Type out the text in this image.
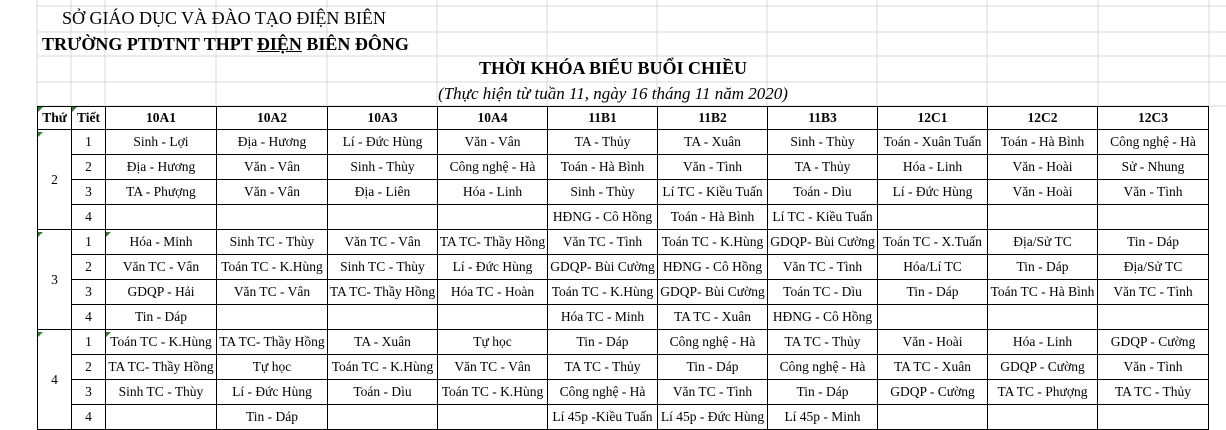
SỞ GIÁO DỤC VÀ ĐÀO TẠO ĐIỆN BIÊN
TRƯỜNG PTDTNT THPT ĐIỆN BIÊN ĐÔNG
THỜI KHÓA BIỂU BUỔI CHIỀU
(Thực hiện từ tuần 11, ngày 16 tháng 11 năm 2020)
Thứ	Tiết	10A1	10A2	10A3	10A4	11B1	11B2	11B3	12C1	12C2	12C3
2	1	Sinh - Lợi	Địa - Hương	Lí - Đức Hùng	Văn - Vân	TA - Thủy	TA - Xuân	Sinh - Thùy	Toán - Xuân Tuấn	Toán - Hà Bình	Công nghệ - Hà
	2	Địa - Hương	Văn - Vân	Sinh - Thùy	Công nghệ - Hà	Toán - Hà Bình	Văn - Tình	TA - Thủy	Hóa - Linh	Văn - Hoài	Sử - Nhung
	3	TA - Phượng	Văn - Vân	Địa - Liên	Hóa - Linh	Sinh - Thùy	Lí TC - Kiều Tuấn	Toán - Dìu	Lí - Đức Hùng	Văn - Hoài	Văn - Tình
	4					HĐNG - Cô Hồng	Toán - Hà Bình	Lí TC - Kiều Tuấn			
3	1	Hóa - Minh	Sinh TC - Thùy	Văn TC - Vân	TA TC- Thầy Hồng	Văn TC - Tình	Toán TC - K.Hùng	GDQP- Bùi Cường	Toán TC - X.Tuấn	Địa/Sử TC	Tin - Dáp
	2	Văn TC - Vân	Toán TC - K.Hùng	Sinh TC - Thùy	Lí - Đức Hùng	GDQP- Bùi Cường	HĐNG - Cô Hồng	Văn TC - Tình	Hóa/Lí TC	Tin - Dáp	Địa/Sử TC
	3	GDQP - Hải	Văn TC - Vân	TA TC- Thầy Hồng	Hóa TC - Hoàn	Toán TC - K.Hùng	GDQP- Bùi Cường	Toán TC - Dìu	Tin - Dáp	Toán TC - Hà Bình	Văn TC - Tình
	4	Tin - Dáp				Hóa TC - Minh	TA TC - Xuân	HĐNG - Cô Hồng			
4	1	Toán TC - K.Hùng	TA TC- Thầy Hồng	TA - Xuân	Tự học	Tin - Dáp	Công nghệ - Hà	TA TC - Thủy	Văn - Hoài	Hóa - Linh	GDQP - Cường
	2	TA TC- Thầy Hồng	Tự học	Toán TC - K.Hùng	Văn TC - Vân	TA TC - Thủy	Tin - Dáp	Công nghệ - Hà	TA TC - Xuân	GDQP - Cường	Văn - Tình
	3	Sinh TC - Thùy	Lí - Đức Hùng	Toán - Dìu	Toán TC - K.Hùng	Công nghệ - Hà	Văn TC - Tình	Tin - Dáp	GDQP - Cường	TA TC - Phượng	TA TC - Thủy
	4		Tin - Dáp			Lí 45p -Kiều Tuấn	Lí 45p - Đức Hùng	Lí 45p - Minh			
